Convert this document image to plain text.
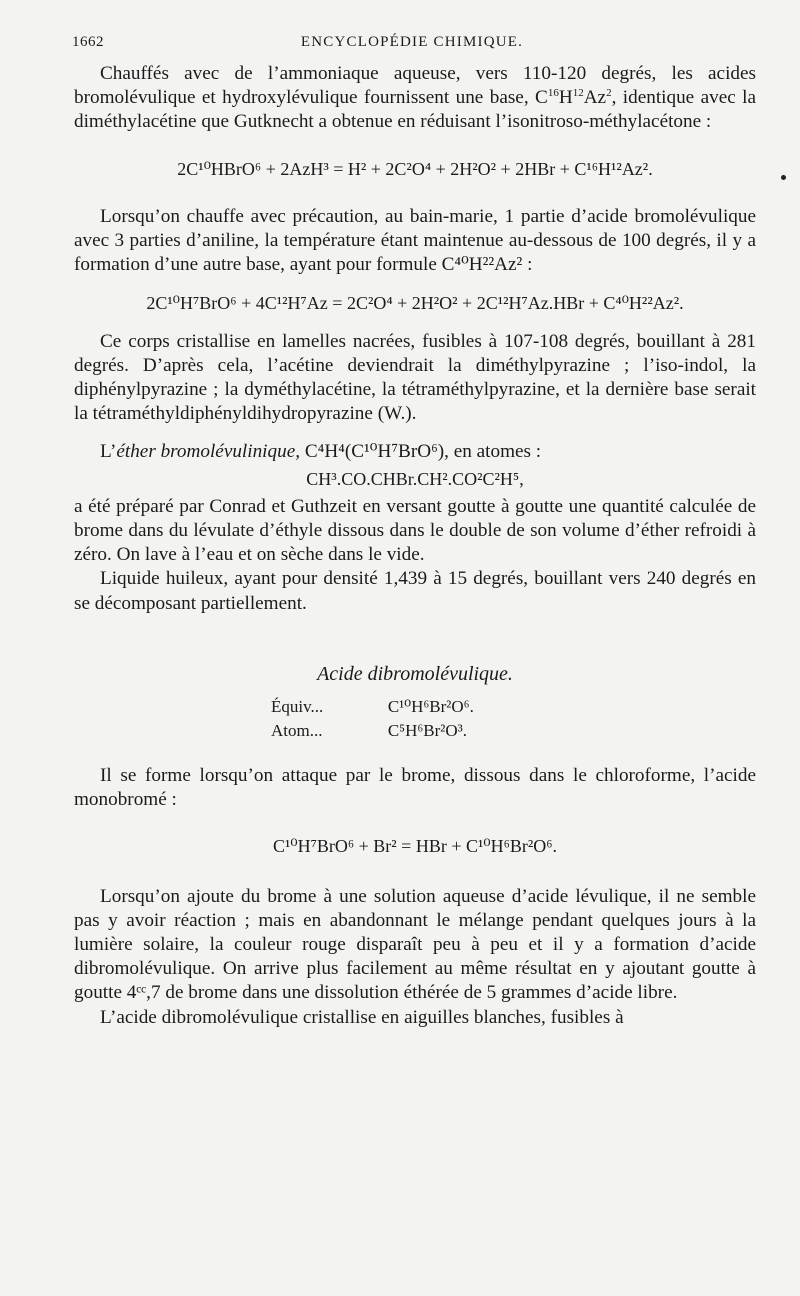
1662	ENCYCLOPÉDIE CHIMIQUE.

Chauffés avec de l’ammoniaque aqueuse, vers 110-120 degrés, les acides bromolévulique et hydroxylévulique fournissent une base, $C^{16}H^{12}Az^2$, identique avec la diméthylacétine que Gutknecht a obtenue en réduisant l’isonitroso-méthylacétone :

2C¹⁰HBrO⁶ + 2AzH³ = H² + 2C²O⁴ + 2H²O² + 2HBr + C¹⁶H¹²Az².

Lorsqu’on chauffe avec précaution, au bain-marie, 1 partie d’acide bromolévulique avec 3 parties d’aniline, la température étant maintenue au-dessous de 100 degrés, il y a formation d’une autre base, ayant pour formule C⁴⁰H²²Az² :

2C¹⁰H⁷BrO⁶ + 4C¹²H⁷Az = 2C²O⁴ + 2H²O² + 2C¹²H⁷Az.HBr + C⁴⁰H²²Az².

Ce corps cristallise en lamelles nacrées, fusibles à 107-108 degrés, bouillant à 281 degrés. D’après cela, l’acétine deviendrait la diméthylpyrazine ; l’iso-indol, la diphénylpyrazine ; la dyméthylacétine, la tétraméthylpyrazine, et la dernière base serait la tétraméthyldiphényldihydropyrazine (W.).

L’éther bromolévulinique, C⁴H⁴(C¹⁰H⁷BrO⁶), en atomes :

CH³.CO.CHBr.CH².CO²C²H⁵,

a été préparé par Conrad et Guthzeit en versant goutte à goutte une quantité calculée de brome dans du lévulate d’éthyle dissous dans le double de son volume d’éther refroidi à zéro. On lave à l’eau et on sèche dans le vide.

Liquide huileux, ayant pour densité 1,439 à 15 degrés, bouillant vers 240 degrés en se décomposant partiellement.

Acide dibromolévulique.

Équiv...	C¹⁰H⁶Br²O⁶.
Atom...	C⁵H⁶Br²O³.

Il se forme lorsqu’on attaque par le brome, dissous dans le chloroforme, l’acide monobromé :

C¹⁰H⁷BrO⁶ + Br² = HBr + C¹⁰H⁶Br²O⁶.

Lorsqu’on ajoute du brome à une solution aqueuse d’acide lévulique, il ne semble pas y avoir réaction ; mais en abandonnant le mélange pendant quelques jours à la lumière solaire, la couleur rouge disparaît peu à peu et il y a formation d’acide dibromolévulique. On arrive plus facilement au même résultat en y ajoutant goutte à goutte 4ᶜᶜ,7 de brome dans une dissolution éthérée de 5 grammes d’acide libre.

L’acide dibromolévulique cristallise en aiguilles blanches, fusibles à
